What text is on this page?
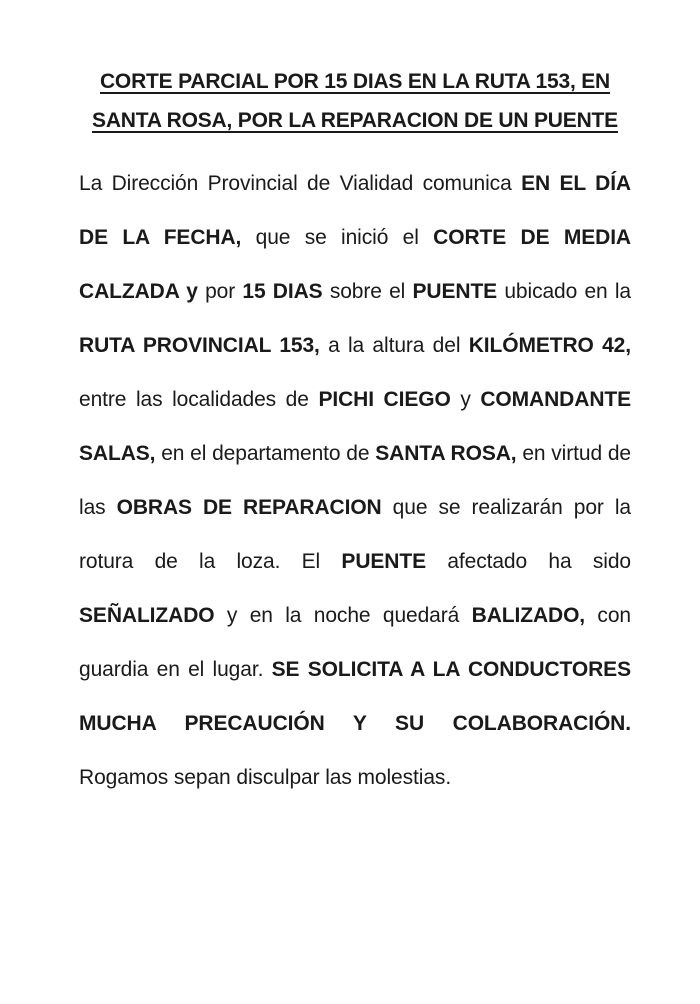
CORTE PARCIAL POR 15 DIAS EN LA RUTA 153, EN SANTA ROSA, POR LA REPARACION DE UN PUENTE

La Dirección Provincial de Vialidad comunica EN EL DÍA DE LA FECHA, que se inició el CORTE DE MEDIA CALZADA y por 15 DIAS sobre el PUENTE ubicado en la RUTA PROVINCIAL 153, a la altura del KILÓMETRO 42, entre las localidades de PICHI CIEGO y COMANDANTE SALAS, en el departamento de SANTA ROSA, en virtud de las OBRAS DE REPARACION que se realizarán por la rotura de la loza. El PUENTE afectado ha sido SEÑALIZADO y en la noche quedará BALIZADO, con guardia en el lugar. SE SOLICITA A LA CONDUCTORES MUCHA PRECAUCIÓN Y SU COLABORACIÓN. Rogamos sepan disculpar las molestias.
